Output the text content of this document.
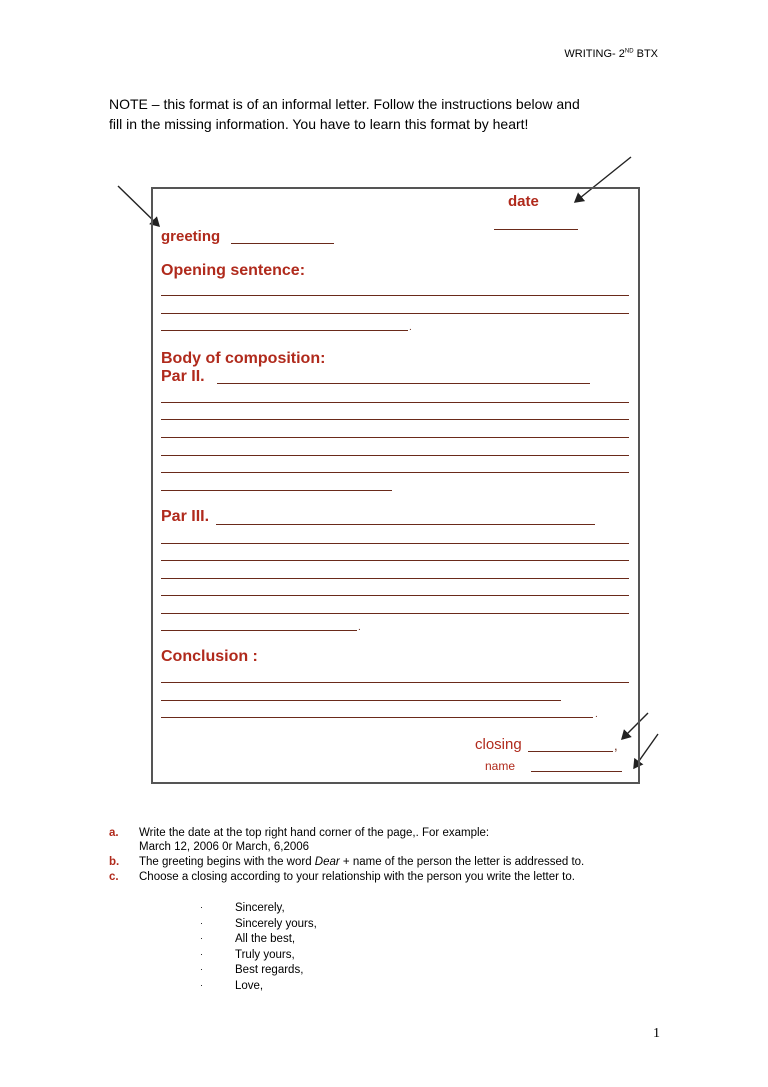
WRITING- 2ND BTX

NOTE – this format is of an informal letter. Follow the instructions below and

fill in the missing information. You have to learn this format by heart!

date
greeting
Opening sentence:
.
Body of composition:
Par II.
Par III.
.
Conclusion :
.
closing	,
name
a. Write the date at the top right hand corner of the page,. For example:
March 12, 2006 0r March, 6,2006
b. The greeting begins with the word Dear + name of the person the letter is addressed to.
c. Choose a closing according to your relationship with the person you write the letter to.
·	Sincerely,
·	Sincerely yours,
·	All the best,
·	Truly yours,
·	Best regards,
·	Love,
1
